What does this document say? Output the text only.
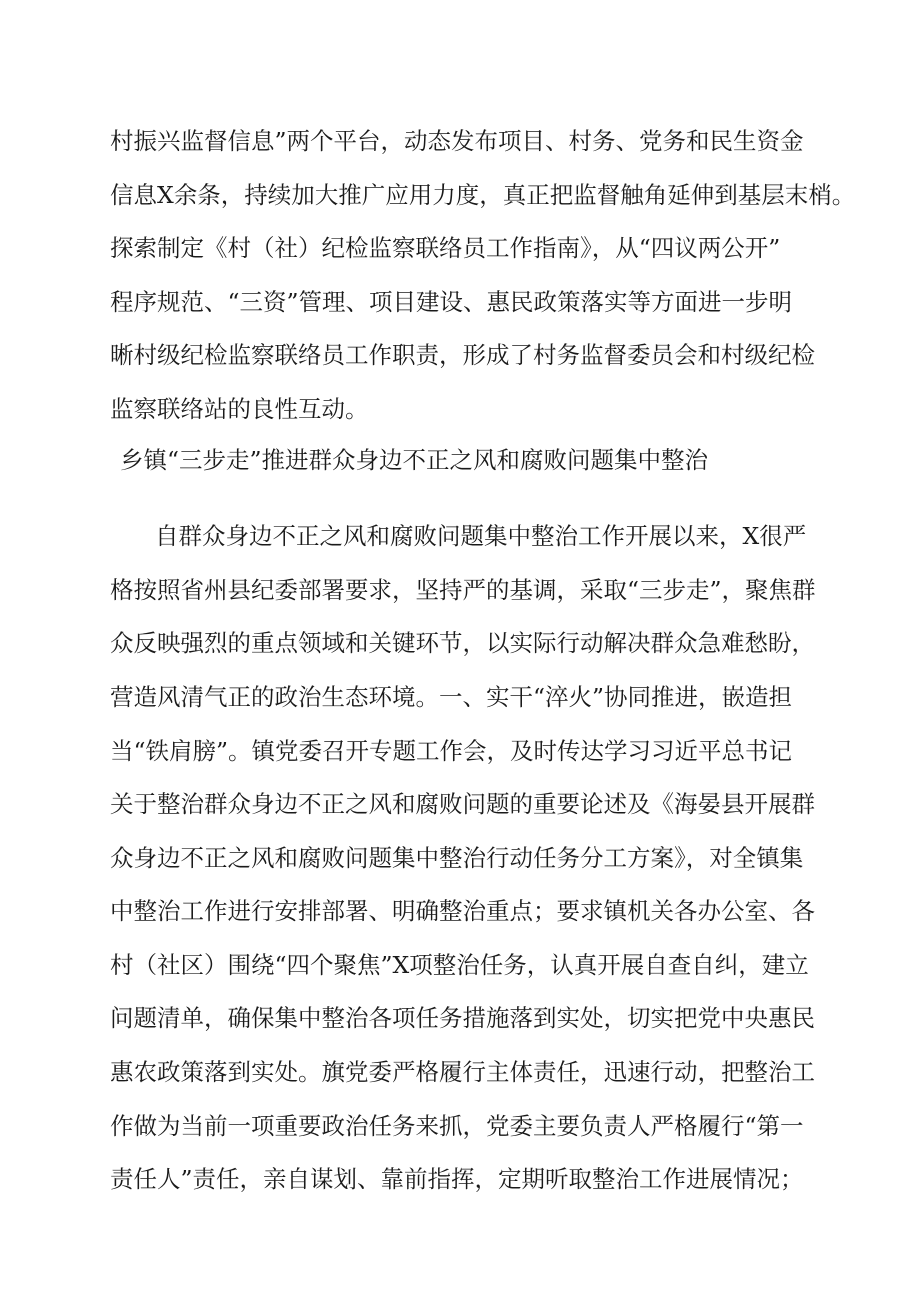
村振兴监督信息”两个平台，动态发布项目、村务、党务和民生资金
信息X余条，持续加大推广应用力度，真正把监督触角延伸到基层末梢。
探索制定《村（社）纪检监察联络员工作指南》，从“四议两公开”
程序规范、“三资”管理、项目建设、惠民政策落实等方面进一步明
晰村级纪检监察联络员工作职责，形成了村务监督委员会和村级纪检
监察联络站的良性互动。
乡镇“三步走”推进群众身边不正之风和腐败问题集中整治
自群众身边不正之风和腐败问题集中整治工作开展以来，X很严
格按照省州县纪委部署要求，坚持严的基调，采取“三步走”，聚焦群
众反映强烈的重点领域和关键环节，以实际行动解决群众急难愁盼，
营造风清气正的政治生态环境。一、实干“淬火”协同推进，嵌造担
当“铁肩膀”。镇党委召开专题工作会，及时传达学习习近平总书记
关于整治群众身边不正之风和腐败问题的重要论述及《海晏县开展群
众身边不正之风和腐败问题集中整治行动任务分工方案》，对全镇集
中整治工作进行安排部署、明确整治重点；要求镇机关各办公室、各
村（社区）围绕“四个聚焦”X项整治任务，认真开展自查自纠，建立
问题清单，确保集中整治各项任务措施落到实处，切实把党中央惠民
惠农政策落到实处。旗党委严格履行主体责任，迅速行动，把整治工
作做为当前一项重要政治任务来抓，党委主要负责人严格履行“第一
责任人”责任，亲自谋划、靠前指挥，定期听取整治工作进展情况；
